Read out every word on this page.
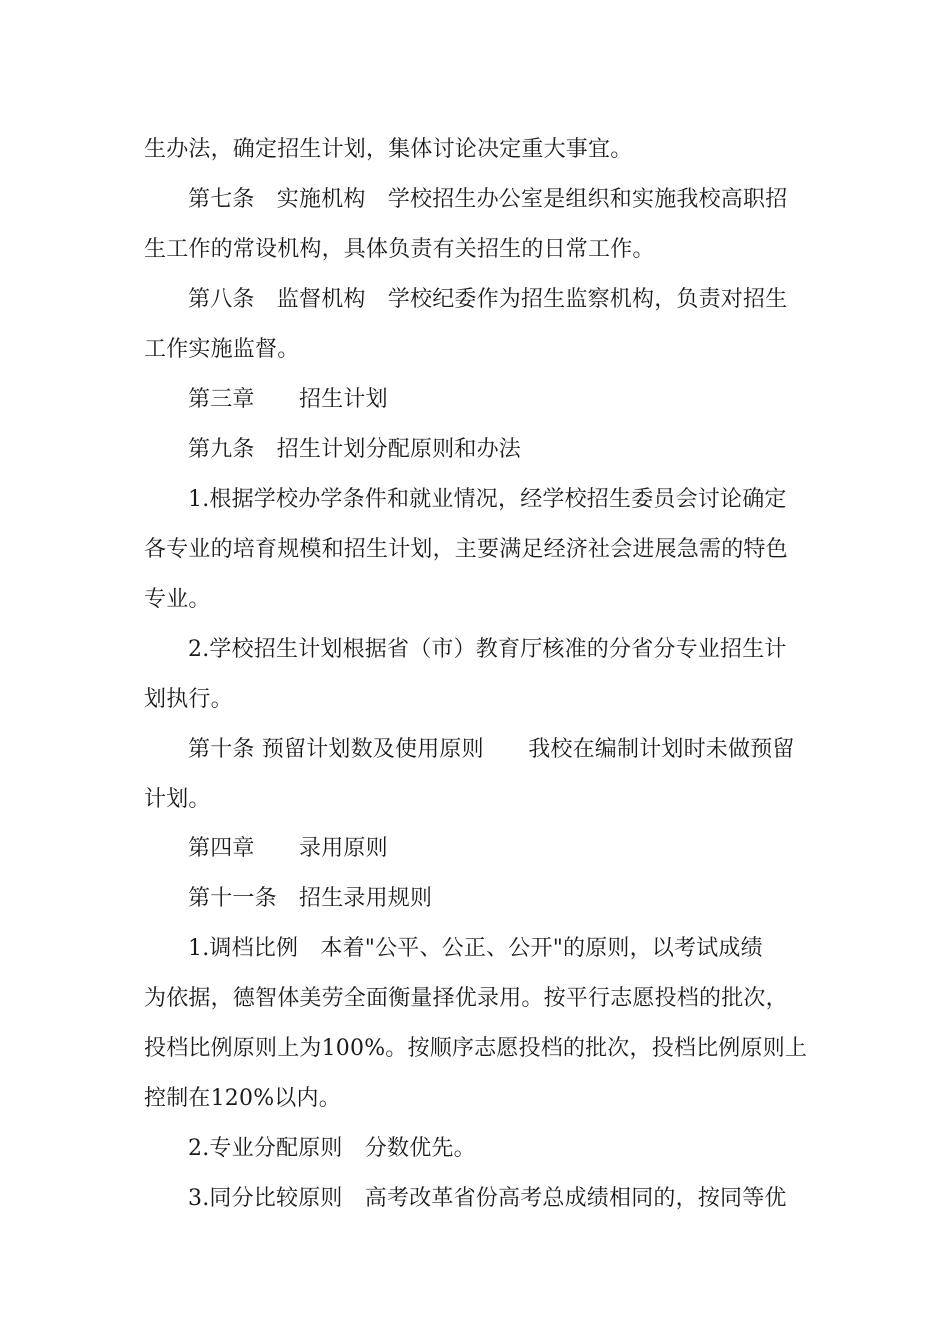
生办法，确定招生计划，集体讨论决定重大事宜。
第七条　实施机构　学校招生办公室是组织和实施我校高职招
生工作的常设机构，具体负责有关招生的日常工作。
第八条　监督机构　学校纪委作为招生监察机构，负责对招生
工作实施监督。
第三章　　招生计划
第九条　招生计划分配原则和办法
1.根据学校办学条件和就业情况，经学校招生委员会讨论确定
各专业的培育规模和招生计划，主要满足经济社会进展急需的特色
专业。
2.学校招生计划根据省（市）教育厅核准的分省分专业招生计
划执行。
第十条 预留计划数及使用原则　　我校在编制计划时未做预留
计划。
第四章　　录用原则
第十一条　招生录用规则
1.调档比例　本着"公平、公正、公开"的原则，以考试成绩
为依据，德智体美劳全面衡量择优录用。按平行志愿投档的批次，
投档比例原则上为100%。按顺序志愿投档的批次，投档比例原则上
控制在120%以内。
2.专业分配原则　分数优先。
3.同分比较原则　高考改革省份高考总成绩相同的，按同等优
